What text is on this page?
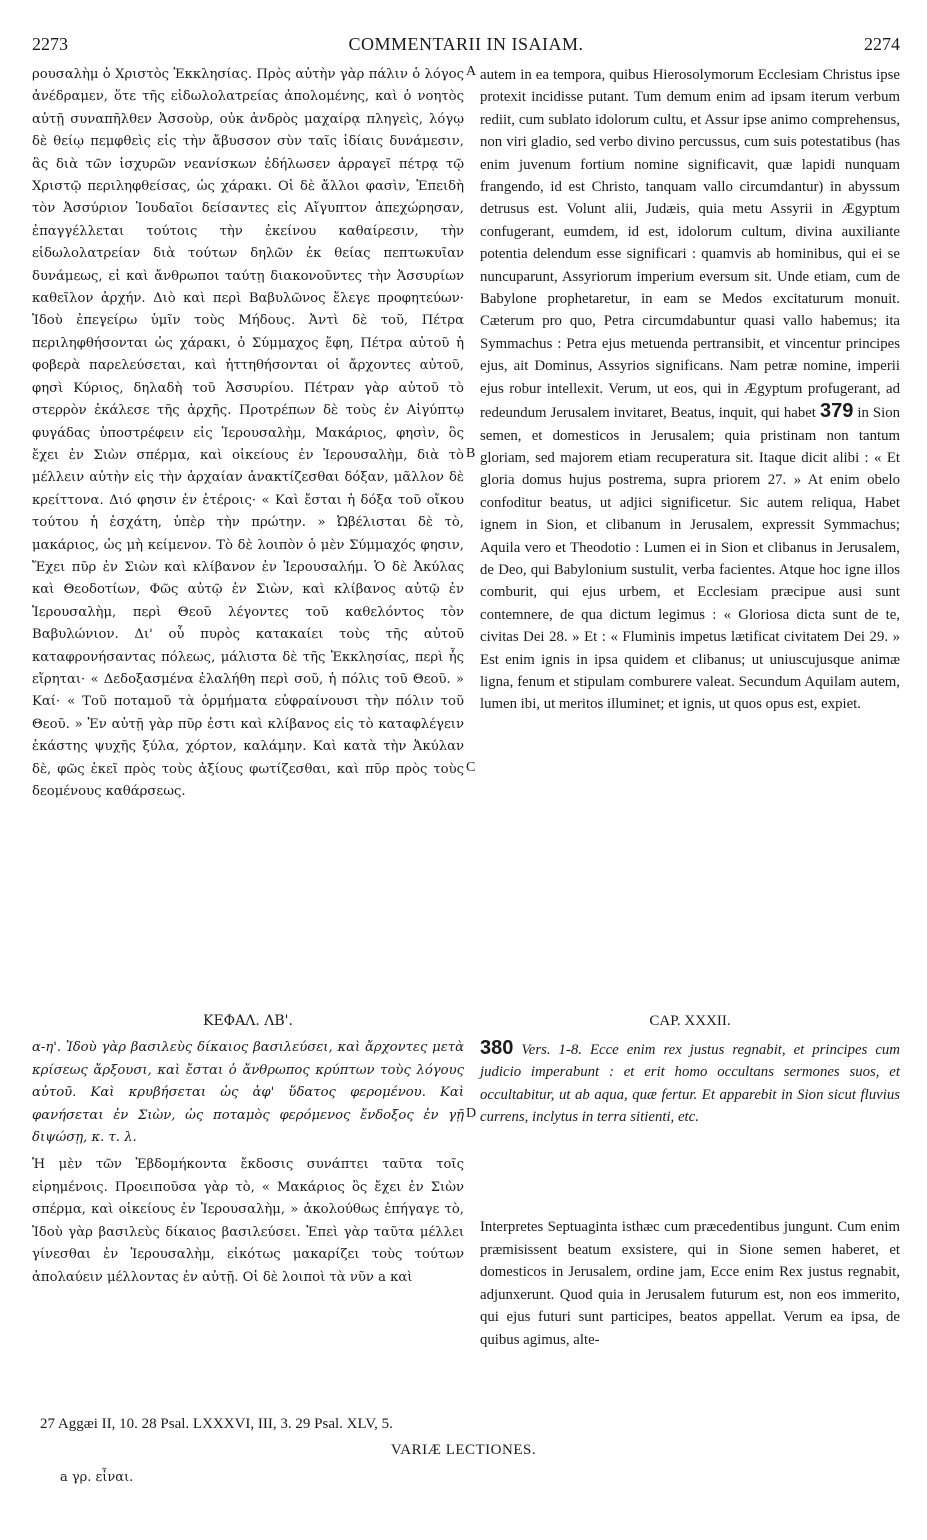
2273	COMMENTARII IN ISAIAM.	2274

ρουσαλὴμ ὁ Χριστὸς Ἐκκλησίας. Πρὸς αὐτὴν γὰρ πάλιν ὁ λόγος ἀνέδραμεν, ὅτε τῆς εἰδωλολατρείας ἀπολομένης, καὶ ὁ νοητὸς αὐτῇ συναπῆλθεν Ἀσσοὺρ, οὐκ ἀνδρὸς μαχαίρᾳ πληγεὶς, λόγῳ δὲ θείῳ πεμφθεὶς εἰς τὴν ἄβυσσον σὺν ταῖς ἰδίαις δυνάμεσιν, ἃς διὰ τῶν ἰσχυρῶν νεανίσκων ἐδήλωσεν ἀρραγεῖ πέτρᾳ τῷ Χριστῷ περιληφθείσας, ὡς χάρακι. Οἱ δὲ ἄλλοι φασὶν, Ἐπειδὴ τὸν Ἀσσύριον Ἰουδαῖοι δείσαντες εἰς Αἴγυπτον ἀπεχώρησαν, ἐπαγγέλλεται τούτοις τὴν ἐκείνου καθαίρεσιν, τὴν εἰδωλολατρείαν διὰ τούτων δηλῶν ἐκ θείας πεπτωκυῖαν δυνάμεως, εἰ καὶ ἄνθρωποι ταύτῃ διακονοῦντες τὴν Ἀσσυρίων καθεῖλον ἀρχήν. Διὸ καὶ περὶ Βαβυλῶνος ἔλεγε προφητεύων· Ἰδοὺ ἐπεγείρω ὑμῖν τοὺς Μήδους. Ἀντὶ δὲ τοῦ, Πέτρα περιληφθήσονται ὡς χάρακι, ὁ Σύμμαχος ἔφη, Πέτρα αὐτοῦ ἡ φοβερὰ παρελεύσεται, καὶ ἡττηθήσονται οἱ ἄρχοντες αὐτοῦ, φησὶ Κύριος, δηλαδὴ τοῦ Ἀσσυρίου. Πέτραν γὰρ αὐτοῦ τὸ στερρὸν ἐκάλεσε τῆς ἀρχῆς. Προτρέπων δὲ τοὺς ἐν Αἰγύπτῳ φυγάδας ὑποστρέφειν εἰς Ἱερουσαλὴμ, Μακάριος, φησὶν, ὃς ἔχει ἐν Σιὼν σπέρμα, καὶ οἰκείους ἐν Ἱερουσαλὴμ, διὰ τὸ μέλλειν αὐτὴν εἰς τὴν ἀρχαίαν ἀνακτίζεσθαι δόξαν, μᾶλλον δὲ κρείττονα. Διό φησιν ἐν ἑτέροις· « Καὶ ἔσται ἡ δόξα τοῦ οἴκου τούτου ἡ ἐσχάτη, ὑπὲρ τὴν πρώτην. » Ὠβέλισται δὲ τὸ, μακάριος, ὡς μὴ κείμενον. Τὸ δὲ λοιπὸν ὁ μὲν Σύμμαχός φησιν, Ἔχει πῦρ ἐν Σιὼν καὶ κλίβανον ἐν Ἱερουσαλήμ. Ὁ δὲ Ἀκύλας καὶ Θεοδοτίων, Φῶς αὐτῷ ἐν Σιὼν, καὶ κλίβανος αὐτῷ ἐν Ἱερουσαλὴμ, περὶ Θεοῦ λέγοντες τοῦ καθελόντος τὸν Βαβυλώνιον. Δι' οὗ πυρὸς κατακαίει τοὺς τῆς αὐτοῦ καταφρονήσαντας πόλεως, μάλιστα δὲ τῆς Ἐκκλησίας, περὶ ἧς εἴρηται· « Δεδοξασμένα ἐλαλήθη περὶ σοῦ, ἡ πόλις τοῦ Θεοῦ. » Καί· « Τοῦ ποταμοῦ τὰ ὁρμήματα εὐφραίνουσι τὴν πόλιν τοῦ Θεοῦ. » Ἐν αὐτῇ γὰρ πῦρ ἐστι καὶ κλίβανος εἰς τὸ καταφλέγειν ἑκάστης ψυχῆς ξύλα, χόρτον, καλάμην. Καὶ κατὰ τὴν Ἀκύλαν δὲ, φῶς ἐκεῖ πρὸς τοὺς ἀξίους φωτίζεσθαι, καὶ πῦρ πρὸς τοὺς δεομένους καθάρσεως.

autem in ea tempora, quibus Hierosolymorum Ecclesiam Christus ipse protexit incidisse putant. Tum demum enim ad ipsam iterum verbum rediit, cum sublato idolorum cultu, et Assur ipse animo comprehensus, non viri gladio, sed verbo divino percussus, cum suis potestatibus (has enim juvenum fortium nomine significavit, quæ lapidi nunquam frangendo, id est Christo, tanquam vallo circumdantur) in abyssum detrusus est. Volunt alii, Judæis, quia metu Assyrii in Ægyptum confugerant, eumdem, id est, idolorum cultum, divina auxiliante potentia delendum esse significari : quamvis ab hominibus, qui ei se nuncuparunt, Assyriorum imperium eversum sit. Unde etiam, cum de Babylone prophetaretur, in eam se Medos excitaturum monuit. Cæterum pro quo, Petra circumdabuntur quasi vallo habemus; ita Symmachus : Petra ejus metuenda pertransibit, et vincentur principes ejus, ait Dominus, Assyrios significans. Nam petræ nomine, imperii ejus robur intellexit. Verum, ut eos, qui in Ægyptum profugerant, ad redeundum Jerusalem invitaret, Beatus, inquit, qui habet 379 in Sion semen, et domesticos in Jerusalem; quia pristinam non tantum gloriam, sed majorem etiam recuperatura sit. Itaque dicit alibi : « Et gloria domus hujus postrema, supra priorem 27. » At enim obelo confoditur beatus, ut adjici significetur. Sic autem reliqua, Habet ignem in Sion, et clibanum in Jerusalem, expressit Symmachus; Aquila vero et Theodotio : Lumen ei in Sion et clibanus in Jerusalem, de Deo, qui Babylonium sustulit, verba facientes. Atque hoc igne illos comburit, qui ejus urbem, et Ecclesiam præcipue ausi sunt contemnere, de qua dictum legimus : « Gloriosa dicta sunt de te, civitas Dei 28. » Et : « Fluminis impetus lætificat civitatem Dei 29. » Est enim ignis in ipsa quidem et clibanus; ut uniuscujusque animæ ligna, fenum et stipulam comburere valeat. Secundum Aquilam autem, lumen ibi, ut meritos illuminet; et ignis, ut quos opus est, expiet.

A
B
C
D
ΚΕΦΑΛ. ΛΒ'.	CAP. XXXII.

α-η'. Ἰδοὺ γὰρ βασιλεὺς δίκαιος βασιλεύσει, καὶ ἄρχοντες μετὰ κρίσεως ἄρξουσι, καὶ ἔσται ὁ ἄνθρωπος κρύπτων τοὺς λόγους αὐτοῦ. Καὶ κρυβήσεται ὡς ἀφ' ὕδατος φερομένου. Καὶ φανήσεται ἐν Σιὼν, ὡς ποταμὸς φερόμενος ἔνδοξος ἐν γῇ διψώσῃ, κ. τ. λ.

Ἡ μὲν τῶν Ἑβδομήκοντα ἔκδοσις συνάπτει ταῦτα τοῖς εἰρημένοις. Προειποῦσα γὰρ τὸ, « Μακάριος ὃς ἔχει ἐν Σιὼν σπέρμα, καὶ οἰκείους ἐν Ἱερουσαλὴμ, » ἀκολούθως ἐπήγαγε τὸ, Ἰδοὺ γὰρ βασιλεὺς δίκαιος βασιλεύσει. Ἐπεὶ γὰρ ταῦτα μέλλει γίνεσθαι ἐν Ἱερουσαλὴμ, εἰκότως μακαρίζει τοὺς τούτων ἀπολαύειν μέλλοντας ἐν αὐτῇ. Οἱ δὲ λοιποὶ τὰ νῦν a καὶ

380 Vers. 1-8. Ecce enim rex justus regnabit, et principes cum judicio imperabunt : et erit homo occultans sermones suos, et occultabitur, ut ab aqua, quæ fertur. Et apparebit in Sion sicut fluvius currens, inclytus in terra sitienti, etc.

Interpretes Septuaginta isthæc cum præcedentibus jungunt. Cum enim præmisissent beatum exsistere, qui in Sione semen haberet, et domesticos in Jerusalem, ordine jam, Ecce enim Rex justus regnabit, adjunxerunt. Quod quia in Jerusalem futurum est, non eos immerito, qui ejus futuri sunt participes, beatos appellat. Verum ea ipsa, de quibus agimus, alte-

27 Aggæi II, 10. 28 Psal. LXXXVI, III, 3. 29 Psal. XLV, 5.
VARIÆ LECTIONES.
a γρ. εἶναι.
